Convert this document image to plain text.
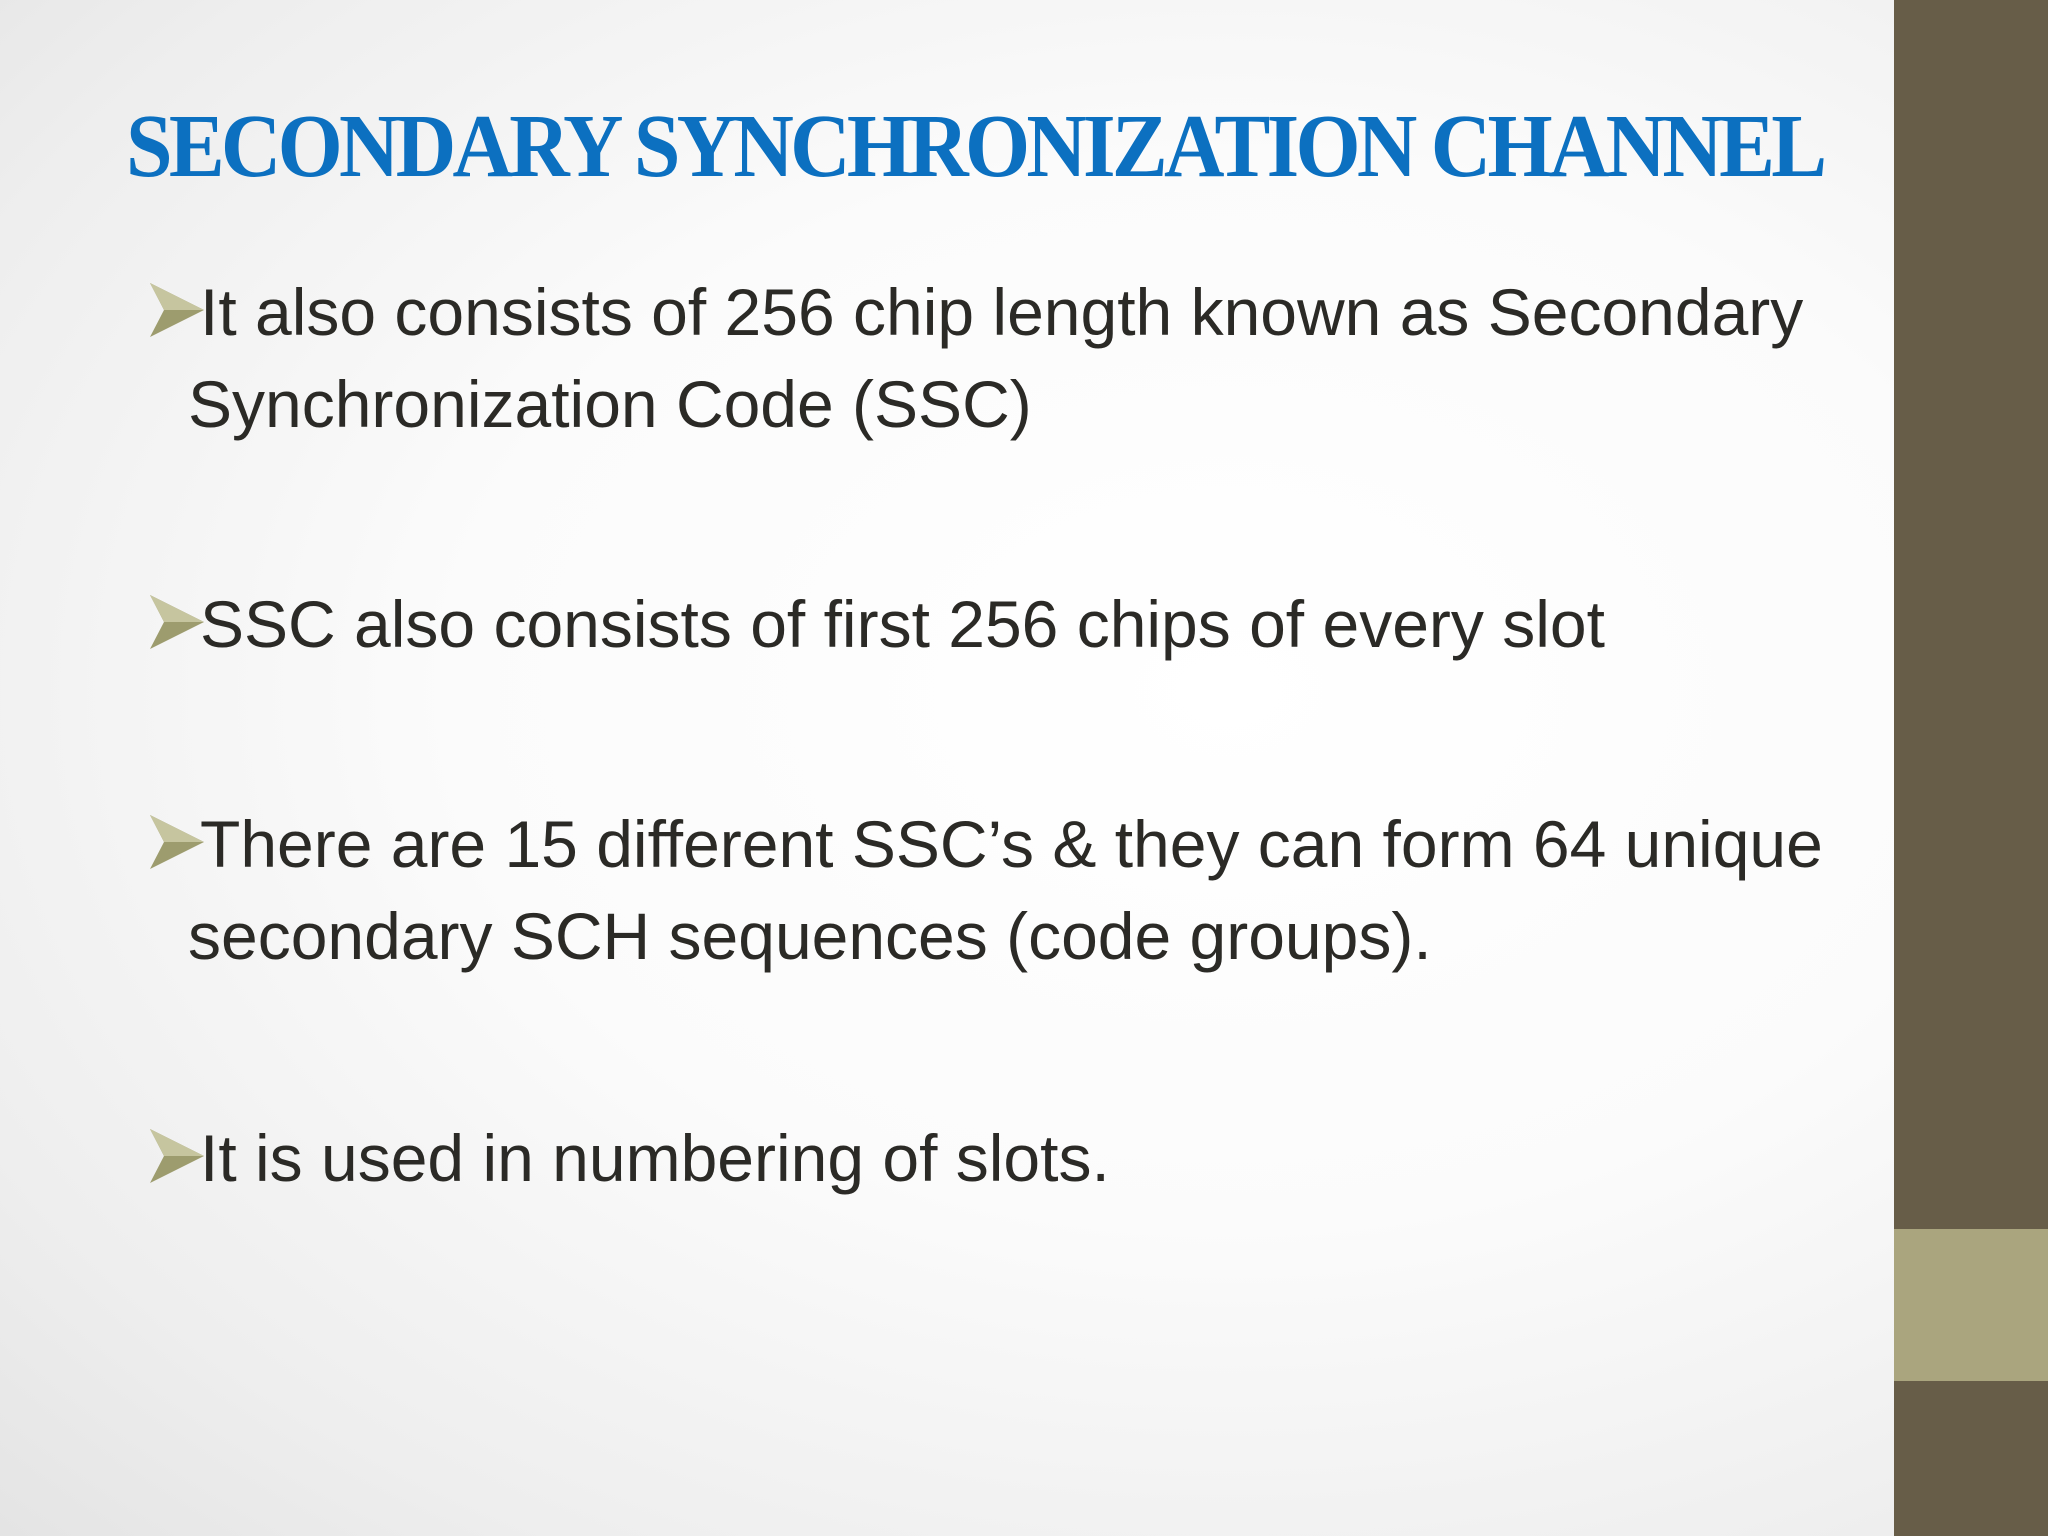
SECONDARY SYNCHRONIZATION CHANNEL

It also consists of 256 chip length known as Secondary
Synchronization Code (SSC)

SSC also consists of first 256 chips of every slot

There are 15 different SSC’s & they can form 64 unique
secondary SCH sequences (code groups).

It is used in numbering of slots.
